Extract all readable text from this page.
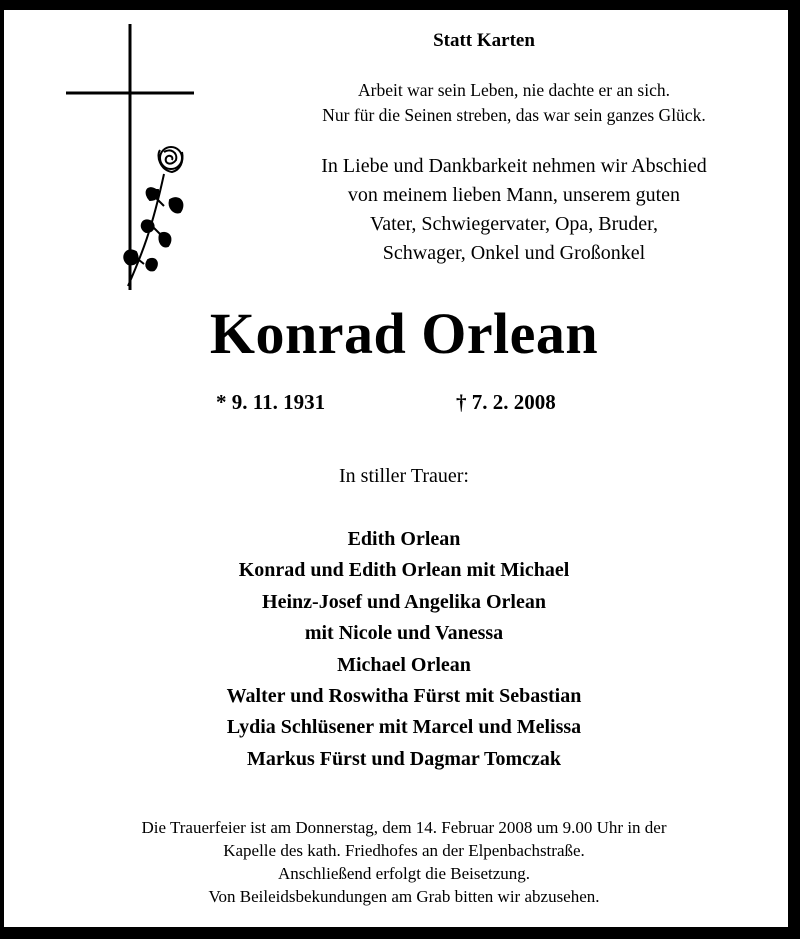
Statt Karten
Arbeit war sein Leben, nie dachte er an sich.
Nur für die Seinen streben, das war sein ganzes Glück.
In Liebe und Dankbarkeit nehmen wir Abschied
von meinem lieben Mann, unserem guten
Vater, Schwiegervater, Opa, Bruder,
Schwager, Onkel und Großonkel
Konrad Orlean
* 9. 11. 1931	† 7. 2. 2008
In stiller Trauer:
Edith Orlean
Konrad und Edith Orlean mit Michael
Heinz-Josef und Angelika Orlean
mit Nicole und Vanessa
Michael Orlean
Walter und Roswitha Fürst mit Sebastian
Lydia Schlüsener mit Marcel und Melissa
Markus Fürst und Dagmar Tomczak
Die Trauerfeier ist am Donnerstag, dem 14. Februar 2008 um 9.00 Uhr in der
Kapelle des kath. Friedhofes an der Elpenbachstraße.
Anschließend erfolgt die Beisetzung.
Von Beileidsbekundungen am Grab bitten wir abzusehen.
